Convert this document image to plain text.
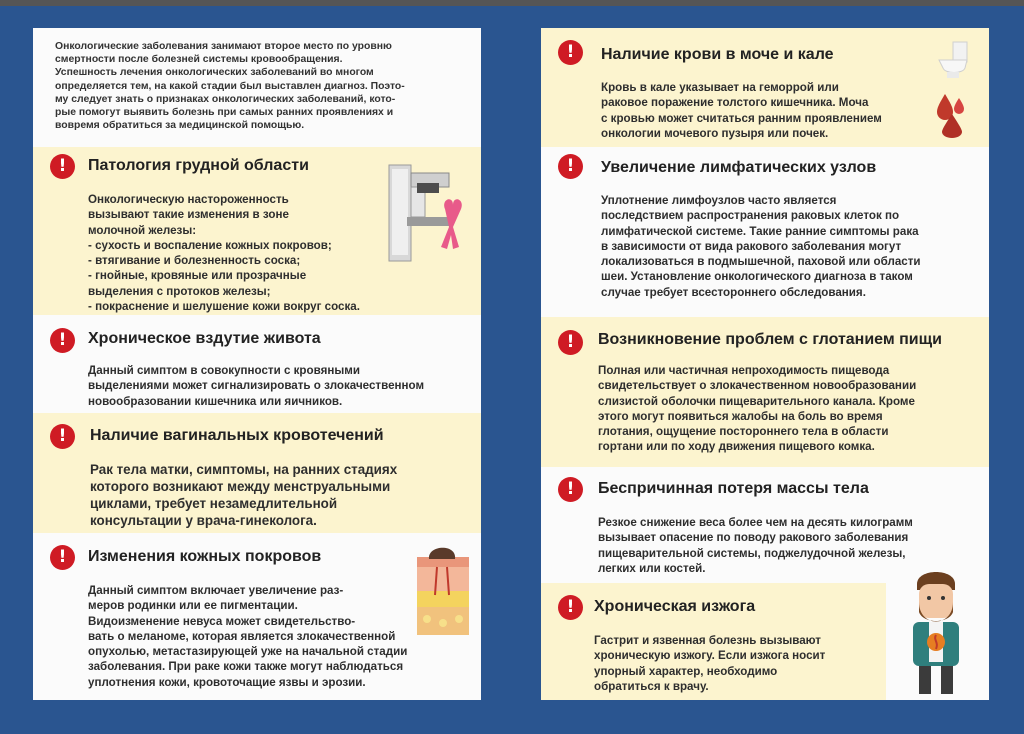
Онкологические заболевания занимают второе место по уровню
смертности после болезней системы кровообращения.
Успешность лечения онкологических заболеваний во многом
определяется тем, на какой стадии был выставлен диагноз. Поэто-
му следует знать о признаках онкологических заболеваний, кото-
рые помогут выявить болезнь при самых ранних проявлениях и
вовремя обратиться за медицинской помощью.
!	Патология грудной области
Онкологическую настороженность
вызывают такие изменения в зоне
молочной железы:
- сухость и воспаление кожных покровов;
- втягивание и болезненность соска;
- гнойные, кровяные или прозрачные
выделения с протоков железы;
- покраснение и шелушение кожи вокруг соска.
!	Хроническое вздутие живота
Данный симптом в совокупности с кровяными
выделениями может сигнализировать о злокачественном
новообразовании кишечника или яичников.
!	Наличие вагинальных кровотечений
Рак тела матки, симптомы, на ранних стадиях
которого возникают между менструальными
циклами, требует незамедлительной
консультации у врача-гинеколога.
!	Изменения кожных покровов
Данный симптом включает увеличение раз-
меров родинки или ее пигментации.
Видоизменение невуса может свидетельство-
вать о меланоме, которая является злокачественной
опухолью, метастазирующей уже на начальной стадии
заболевания. При раке кожи также могут наблюдаться
уплотнения кожи, кровоточащие язвы и эрозии.
!	Наличие крови в моче и кале
Кровь в кале указывает на геморрой или
раковое поражение толстого кишечника. Моча
с кровью может считаться ранним проявлением
онкологии мочевого пузыря или почек.
!	Увеличение лимфатических узлов
Уплотнение лимфоузлов часто является
последствием распространения раковых клеток по
лимфатической системе. Такие ранние симптомы рака
в зависимости от вида ракового заболевания могут
локализоваться в подмышечной, паховой или области
шеи. Установление онкологического диагноза в таком
случае требует всестороннего обследования.
!	Возникновение проблем с глотанием пищи
Полная или частичная непроходимость пищевода
свидетельствует о злокачественном новообразовании
слизистой оболочки пищеварительного канала. Кроме
этого могут появиться жалобы на боль во время
глотания, ощущение постороннего тела в области
гортани или по ходу движения пищевого комка.
!	Беспричинная потеря массы тела
Резкое снижение веса более чем на десять килограмм
вызывает опасение по поводу ракового заболевания
пищеварительной системы, поджелудочной железы,
легких или костей.
!	Хроническая изжога
Гастрит и язвенная болезнь вызывают
хроническую изжогу. Если изжога носит
упорный характер, необходимо
обратиться к врачу.
